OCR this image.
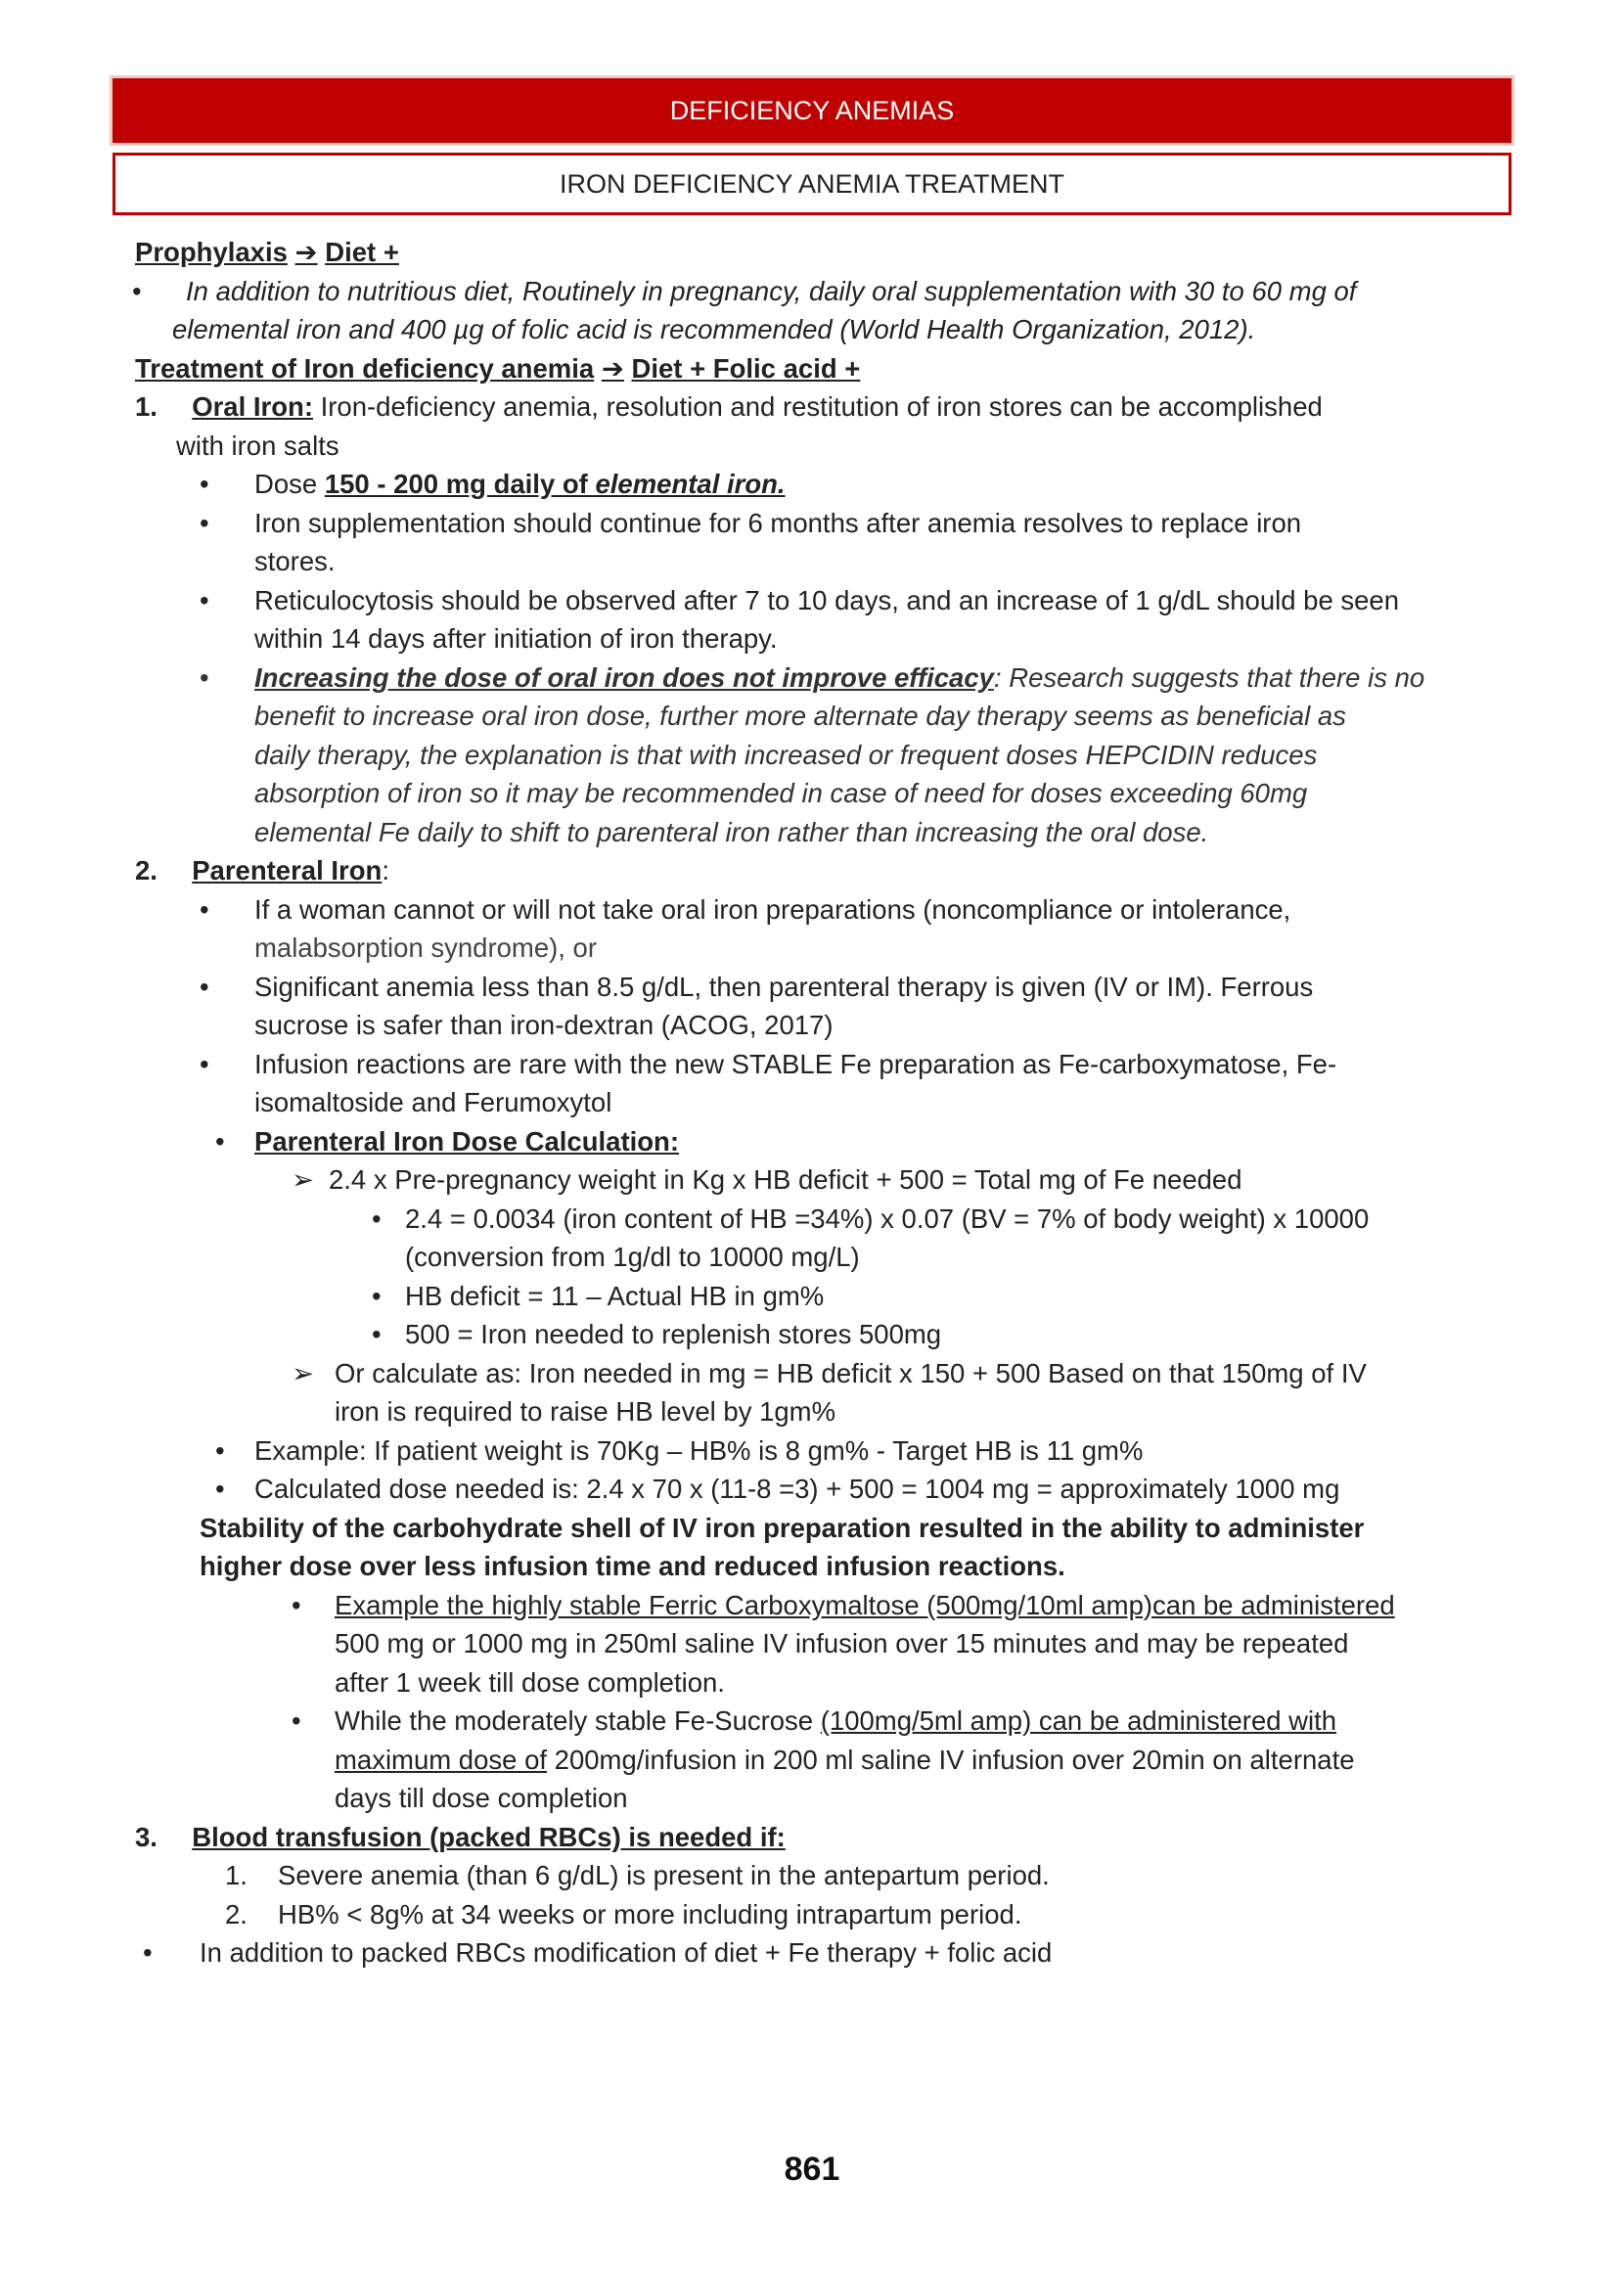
DEFICIENCY ANEMIAS
IRON DEFICIENCY ANEMIA TREATMENT
Prophylaxis ➔ Diet +
• In addition to nutritious diet, Routinely in pregnancy, daily oral supplementation with 30 to 60 mg of
elemental iron and 400 µg of folic acid is recommended (World Health Organization, 2012).
Treatment of Iron deficiency anemia ➔ Diet + Folic acid +
1. Oral Iron: Iron-deficiency anemia, resolution and restitution of iron stores can be accomplished
with iron salts
• Dose 150 - 200 mg daily of elemental iron.
• Iron supplementation should continue for 6 months after anemia resolves to replace iron
stores.
• Reticulocytosis should be observed after 7 to 10 days, and an increase of 1 g/dL should be seen
within 14 days after initiation of iron therapy.
• Increasing the dose of oral iron does not improve efficacy: Research suggests that there is no
benefit to increase oral iron dose, further more alternate day therapy seems as beneficial as
daily therapy, the explanation is that with increased or frequent doses HEPCIDIN reduces
absorption of iron so it may be recommended in case of need for doses exceeding 60mg
elemental Fe daily to shift to parenteral iron rather than increasing the oral dose.
2. Parenteral Iron:
• If a woman cannot or will not take oral iron preparations (noncompliance or intolerance,
malabsorption syndrome), or
• Significant anemia less than 8.5 g/dL, then parenteral therapy is given (IV or IM). Ferrous
sucrose is safer than iron-dextran (ACOG, 2017)
• Infusion reactions are rare with the new STABLE Fe preparation as Fe-carboxymatose, Fe-
isomaltoside and Ferumoxytol
• Parenteral Iron Dose Calculation:
➢ 2.4 x Pre-pregnancy weight in Kg x HB deficit + 500 = Total mg of Fe needed
• 2.4 = 0.0034 (iron content of HB =34%) x 0.07 (BV = 7% of body weight) x 10000
(conversion from 1g/dl to 10000 mg/L)
• HB deficit = 11 – Actual HB in gm%
• 500 = Iron needed to replenish stores 500mg
➢ Or calculate as: Iron needed in mg = HB deficit x 150 + 500 Based on that 150mg of IV
iron is required to raise HB level by 1gm%
• Example: If patient weight is 70Kg – HB% is 8 gm% - Target HB is 11 gm%
• Calculated dose needed is: 2.4 x 70 x (11-8 =3) + 500 = 1004 mg = approximately 1000 mg
Stability of the carbohydrate shell of IV iron preparation resulted in the ability to administer
higher dose over less infusion time and reduced infusion reactions.
• Example the highly stable Ferric Carboxymaltose (500mg/10ml amp)can be administered
500 mg or 1000 mg in 250ml saline IV infusion over 15 minutes and may be repeated
after 1 week till dose completion.
• While the moderately stable Fe-Sucrose (100mg/5ml amp) can be administered with
maximum dose of 200mg/infusion in 200 ml saline IV infusion over 20min on alternate
days till dose completion
3. Blood transfusion (packed RBCs) is needed if:
1. Severe anemia (than 6 g/dL) is present in the antepartum period.
2. HB% < 8g% at 34 weeks or more including intrapartum period.
• In addition to packed RBCs modification of diet + Fe therapy + folic acid
861
